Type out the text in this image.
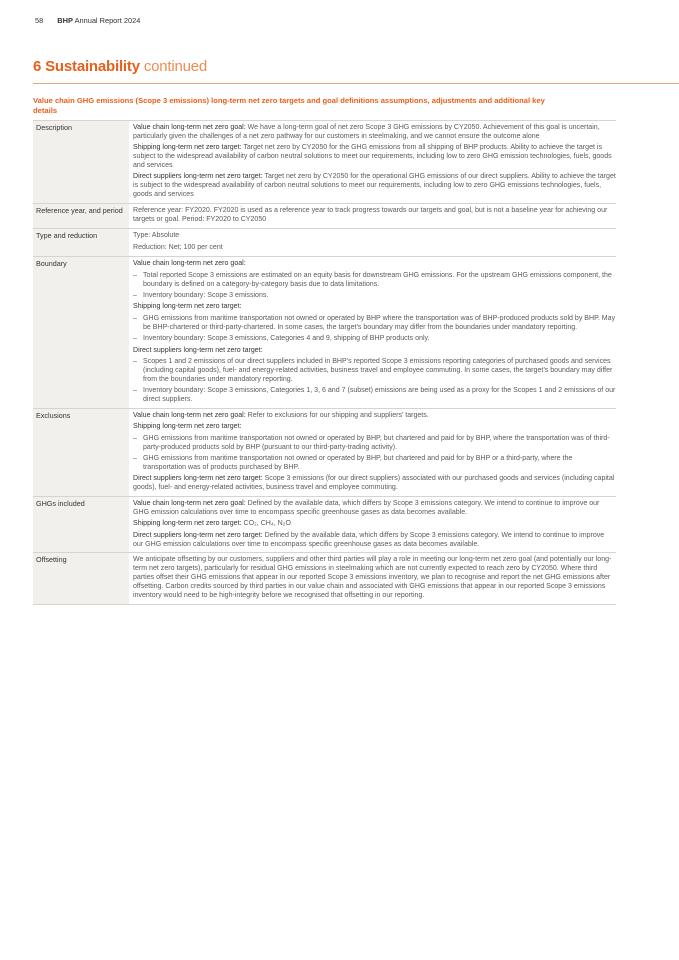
58 BHP Annual Report 2024
6 Sustainability continued
Value chain GHG emissions (Scope 3 emissions) long-term net zero targets and goal definitions assumptions, adjustments and additional key details
Description	Value chain long-term net zero goal: We have a long-term goal of net zero Scope 3 GHG emissions by CY2050. Achievement of this goal is uncertain, particularly given the challenges of a net zero pathway for our customers in steelmaking, and we cannot ensure the outcome alone

Shipping long-term net zero target: Target net zero by CY2050 for the GHG emissions from all shipping of BHP products. Ability to achieve the target is subject to the widespread availability of carbon neutral solutions to meet our requirements, including low to zero GHG emission technologies, fuels, goods and services

Direct suppliers long-term net zero target: Target net zero by CY2050 for the operational GHG emissions of our direct suppliers. Ability to achieve the target is subject to the widespread availability of carbon neutral solutions to meet our requirements, including low to zero GHG emissions technologies, fuels, goods and services

Reference year, and period	Reference year: FY2020. FY2020 is used as a reference year to track progress towards our targets and goal, but is not a baseline year for achieving our targets or goal. Period: FY2020 to CY2050

Type and reduction	Type: Absolute

Reduction: Net; 100 per cent

Boundary	Value chain long-term net zero goal:

– Total reported Scope 3 emissions are estimated on an equity basis for downstream GHG emissions. For the upstream GHG emissions component, the boundary is defined on a category-by-category basis due to data limitations.
– Inventory boundary: Scope 3 emissions.

Shipping long-term net zero target:

– GHG emissions from maritime transportation not owned or operated by BHP where the transportation was of BHP-produced products sold by BHP. May be BHP-chartered or third-party-chartered. In some cases, the target’s boundary may differ from the boundaries under mandatory reporting.
– Inventory boundary: Scope 3 emissions, Categories 4 and 9, shipping of BHP products only.

Direct suppliers long-term net zero target:

– Scopes 1 and 2 emissions of our direct suppliers included in BHP’s reported Scope 3 emissions reporting categories of purchased goods and services (including capital goods), fuel- and energy-related activities, business travel and employee commuting. In some cases, the target’s boundary may differ from the boundaries under mandatory reporting.
– Inventory boundary: Scope 3 emissions, Categories 1, 3, 6 and 7 (subset) emissions are being used as a proxy for the Scopes 1 and 2 emissions of our direct suppliers.
Exclusions	Value chain long-term net zero goal: Refer to exclusions for our shipping and suppliers’ targets.

Shipping long-term net zero target:

– GHG emissions from maritime transportation not owned or operated by BHP, but chartered and paid for by BHP, where the transportation was of third-party-produced products sold by BHP (pursuant to our third-party-trading activity).
– GHG emissions from maritime transportation not owned or operated by BHP, but chartered and paid for by BHP or a third-party, where the transportation was of products purchased by BHP.

Direct suppliers long-term net zero target: Scope 3 emissions (for our direct suppliers) associated with our purchased goods and services (including capital goods), fuel- and energy-related activities, business travel and employee commuting.

GHGs included	Value chain long-term net zero goal: Defined by the available data, which differs by Scope 3 emissions category. We intend to continue to improve our GHG emission calculations over time to encompass specific greenhouse gases as data becomes available.

Shipping long-term net zero target: CO₂, CH₄, N₂O

Direct suppliers long-term net zero target: Defined by the available data, which differs by Scope 3 emissions category. We intend to continue to improve our GHG emission calculations over time to encompass specific greenhouse gases as data becomes available.

Offsetting	We anticipate offsetting by our customers, suppliers and other third parties will play a role in meeting our long-term net zero goal (and potentially our long-term net zero targets), particularly for residual GHG emissions in steelmaking which are not currently expected to reach zero by CY2050. Where third parties offset their GHG emissions that appear in our reported Scope 3 emissions inventory, we plan to recognise and report the net GHG emissions after offsetting. Carbon credits sourced by third parties in our value chain and associated with GHG emissions that appear in our reported Scope 3 emissions inventory would need to be high-integrity before we recognised that offsetting in our reporting.
